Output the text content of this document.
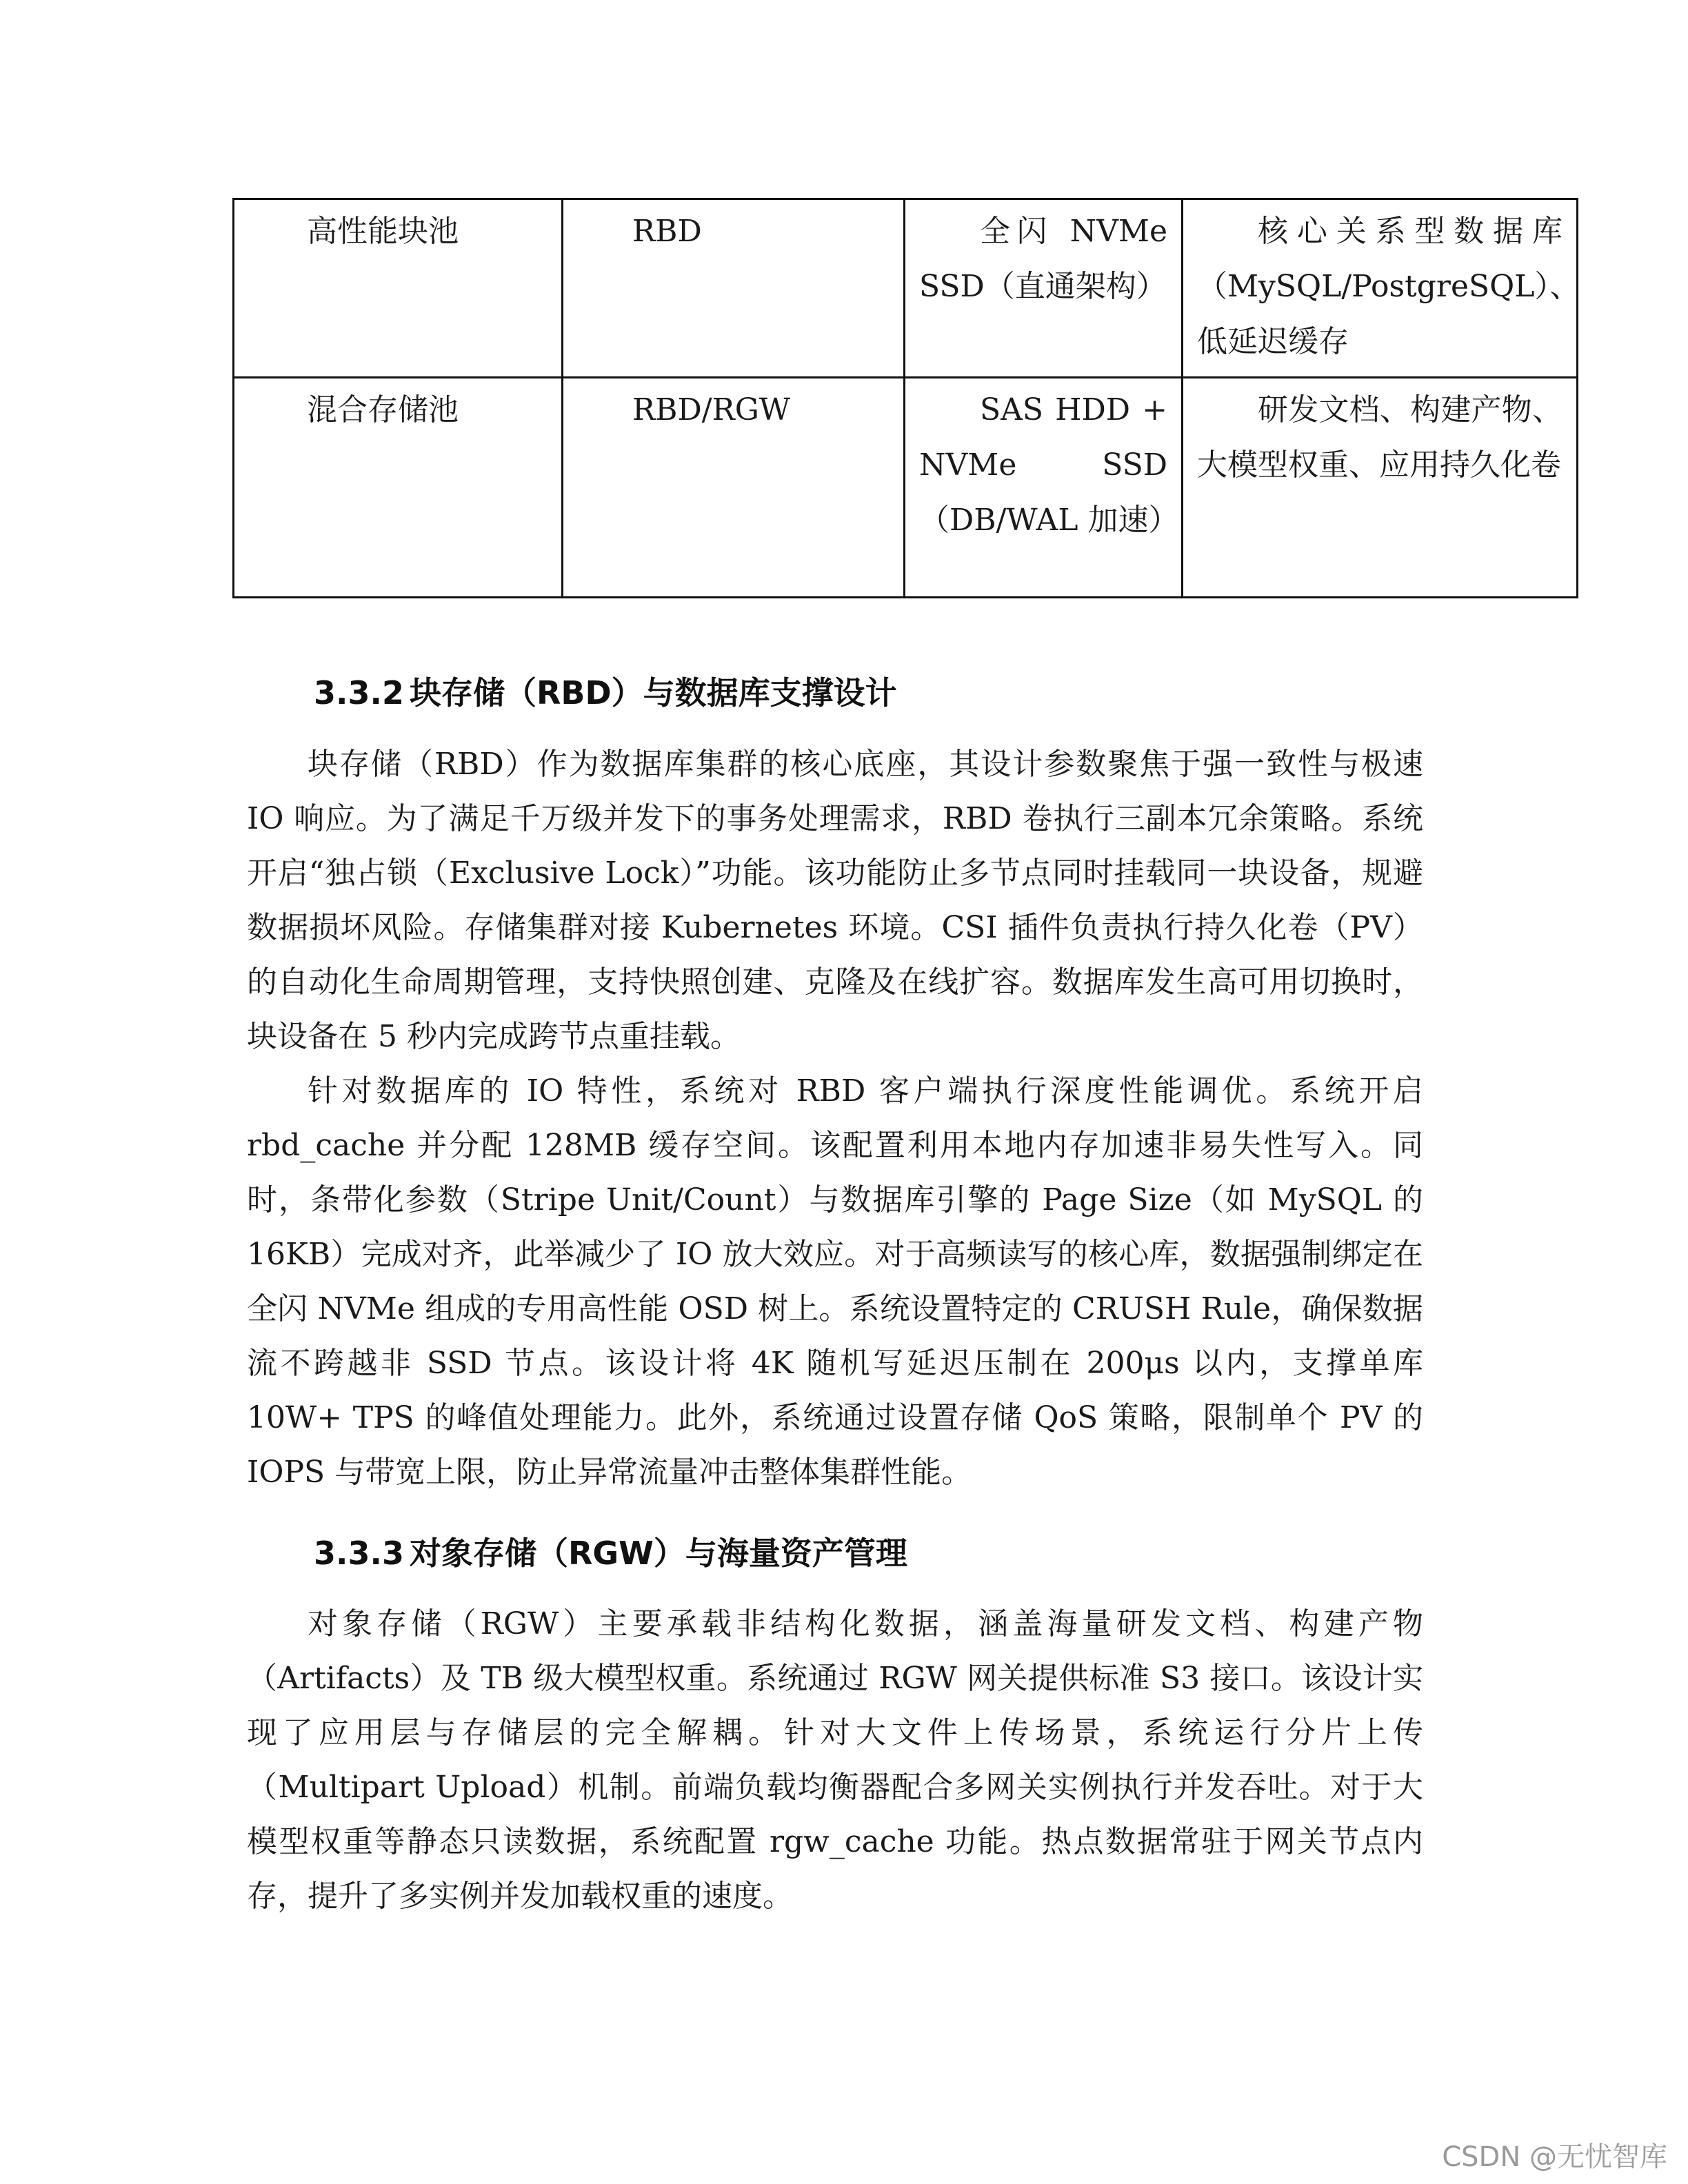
高性能块池	RBD	全闪 NVMe SSD（直通架构）	核心关系型数据库（MySQL/PostgreSQL）、低延迟缓存
混合存储池	RBD/RGW	SAS HDD + NVMe SSD（DB/WAL 加速）	研发文档、构建产物、大模型权重、应用持久化卷
3.3.2 块存储（RBD）与数据库支撑设计

块存储（RBD）作为数据库集群的核心底座，其设计参数聚焦于强一致性与极速 IO 响应。为了满足千万级并发下的事务处理需求，RBD 卷执行三副本冗余策略。系统开启“独占锁（Exclusive Lock）”功能。该功能防止多节点同时挂载同一块设备，规避数据损坏风险。存储集群对接 Kubernetes 环境。CSI 插件负责执行持久化卷（PV）的自动化生命周期管理，支持快照创建、克隆及在线扩容。数据库发生高可用切换时，块设备在 5 秒内完成跨节点重挂载。

针对数据库的 IO 特性，系统对 RBD 客户端执行深度性能调优。系统开启 rbd_cache 并分配 128MB 缓存空间。该配置利用本地内存加速非易失性写入。同时，条带化参数（Stripe Unit/Count）与数据库引擎的 Page Size（如 MySQL 的 16KB）完成对齐，此举减少了 IO 放大效应。对于高频读写的核心库，数据强制绑定在全闪 NVMe 组成的专用高性能 OSD 树上。系统设置特定的 CRUSH Rule，确保数据流不跨越非 SSD 节点。该设计将 4K 随机写延迟压制在 200μs 以内，支撑单库 10W+ TPS 的峰值处理能力。此外，系统通过设置存储 QoS 策略，限制单个 PV 的 IOPS 与带宽上限，防止异常流量冲击整体集群性能。

3.3.3 对象存储（RGW）与海量资产管理

对象存储（RGW）主要承载非结构化数据，涵盖海量研发文档、构建产物（Artifacts）及 TB 级大模型权重。系统通过 RGW 网关提供标准 S3 接口。该设计实现了应用层与存储层的完全解耦。针对大文件上传场景，系统运行分片上传（Multipart Upload）机制。前端负载均衡器配合多网关实例执行并发吞吐。对于大模型权重等静态只读数据，系统配置 rgw_cache 功能。热点数据常驻于网关节点内存，提升了多实例并发加载权重的速度。

CSDN @无忧智库
